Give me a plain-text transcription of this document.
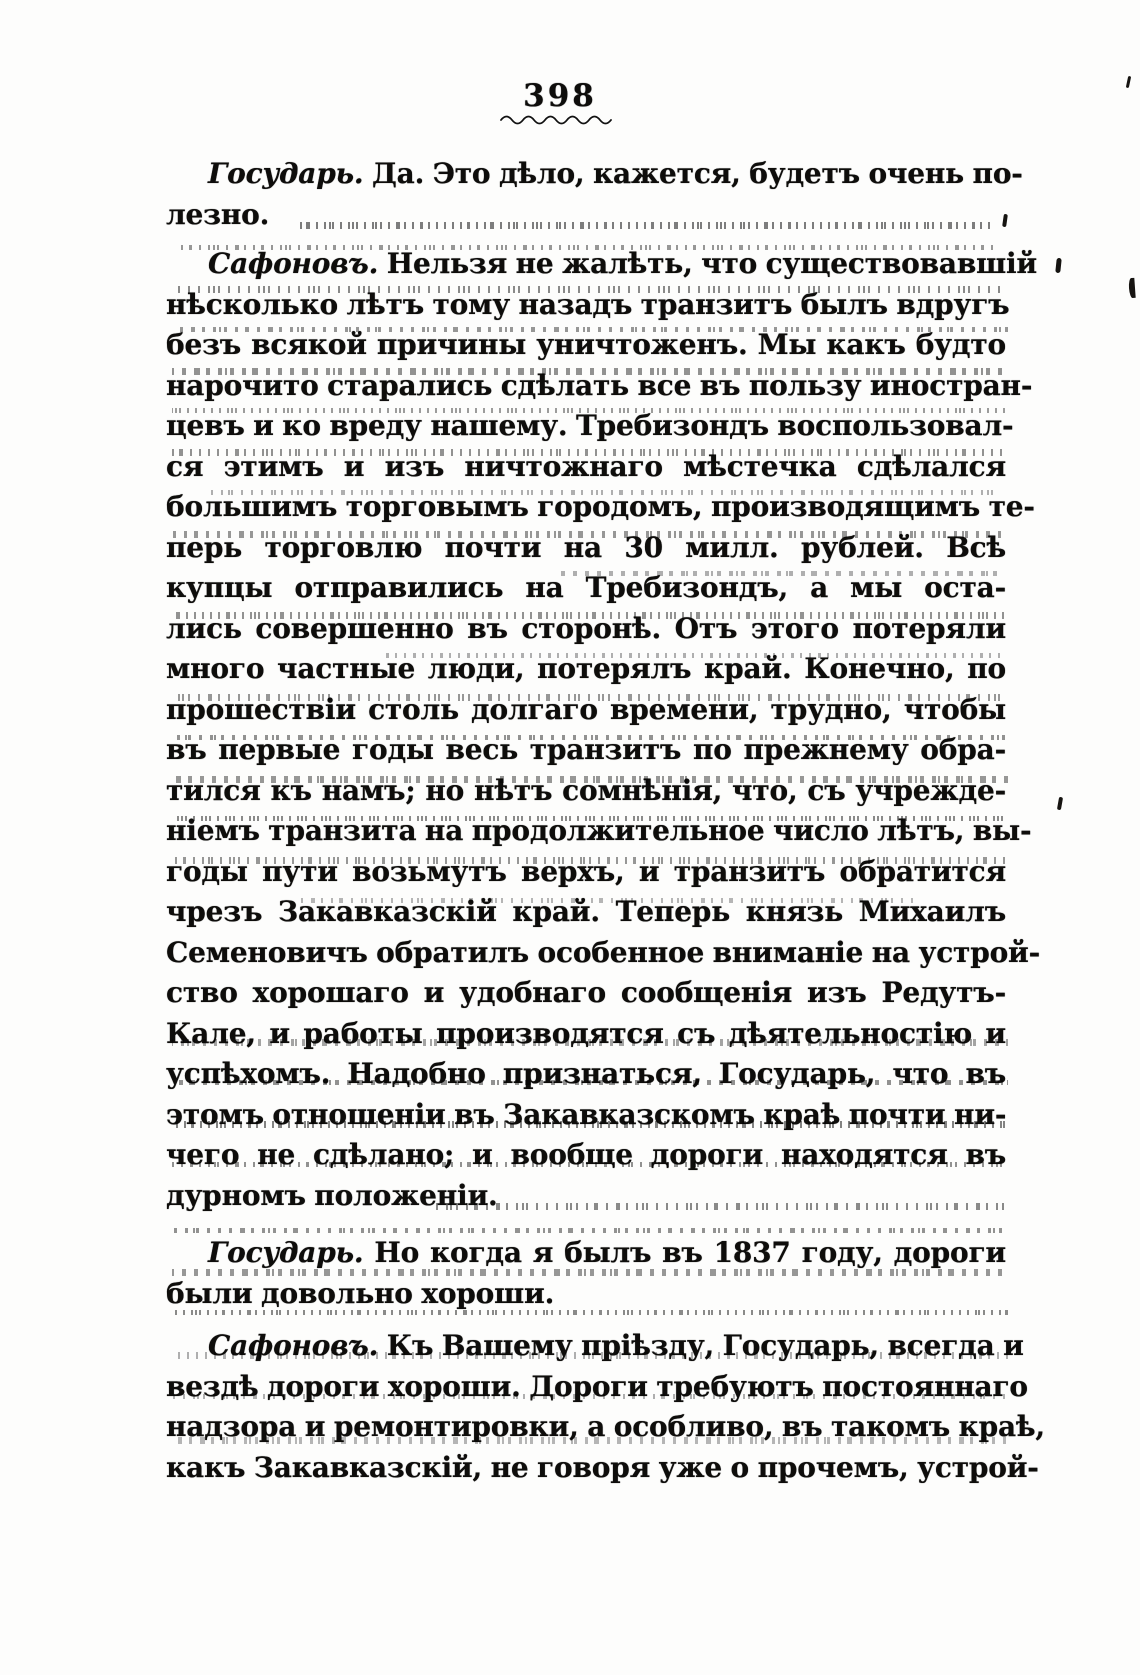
398
Государь. Да. Это дѣло, кажется, будетъ очень по-
лезно.
Сафоновъ. Нельзя не жалѣть, что существовавшій
нѣсколько лѣтъ тому назадъ транзитъ былъ вдругъ
безъ всякой причины уничтоженъ. Мы какъ будто
нарочито старались сдѣлать все въ пользу иностран-
цевъ и ко вреду нашему. Требизондъ воспользовал-
ся этимъ и изъ ничтожнаго мѣстечка сдѣлался
большимъ торговымъ городомъ, производящимъ те-
перь торговлю почти на 30 милл. рублей. Всѣ
купцы отправились на Требизондъ, а мы оста-
лись совершенно въ сторонѣ. Отъ этого потеряли
много частные люди, потерялъ край. Конечно, по
прошествіи столь долгаго времени, трудно, чтобы
въ первые годы весь транзитъ по прежнему обра-
тился къ намъ; но нѣтъ сомнѣнія, что, съ учрежде-
ніемъ транзита на продолжительное число лѣтъ, вы-
годы пути возьмутъ верхъ, и транзитъ обратится
чрезъ Закавказскій край. Теперь князь Михаилъ
Семеновичъ обратилъ особенное вниманіе на устрой-
ство хорошаго и удобнаго сообщенія изъ Редутъ-
Кале, и работы производятся съ дѣятельностію и
успѣхомъ. Надобно признаться, Государь, что въ
этомъ отношеніи въ Закавказскомъ краѣ почти ни-
чего не сдѣлано; и вообще дороги находятся въ
дурномъ положеніи.
Государь. Но когда я былъ въ 1837 году, дороги
были довольно хороши.
Сафоновъ. Къ Вашему пріѣзду, Государь, всегда и
вездѣ дороги хороши. Дороги требуютъ постояннаго
надзора и ремонтировки, а особливо, въ такомъ краѣ,
какъ Закавказскій, не говоря уже о прочемъ, устрой-
